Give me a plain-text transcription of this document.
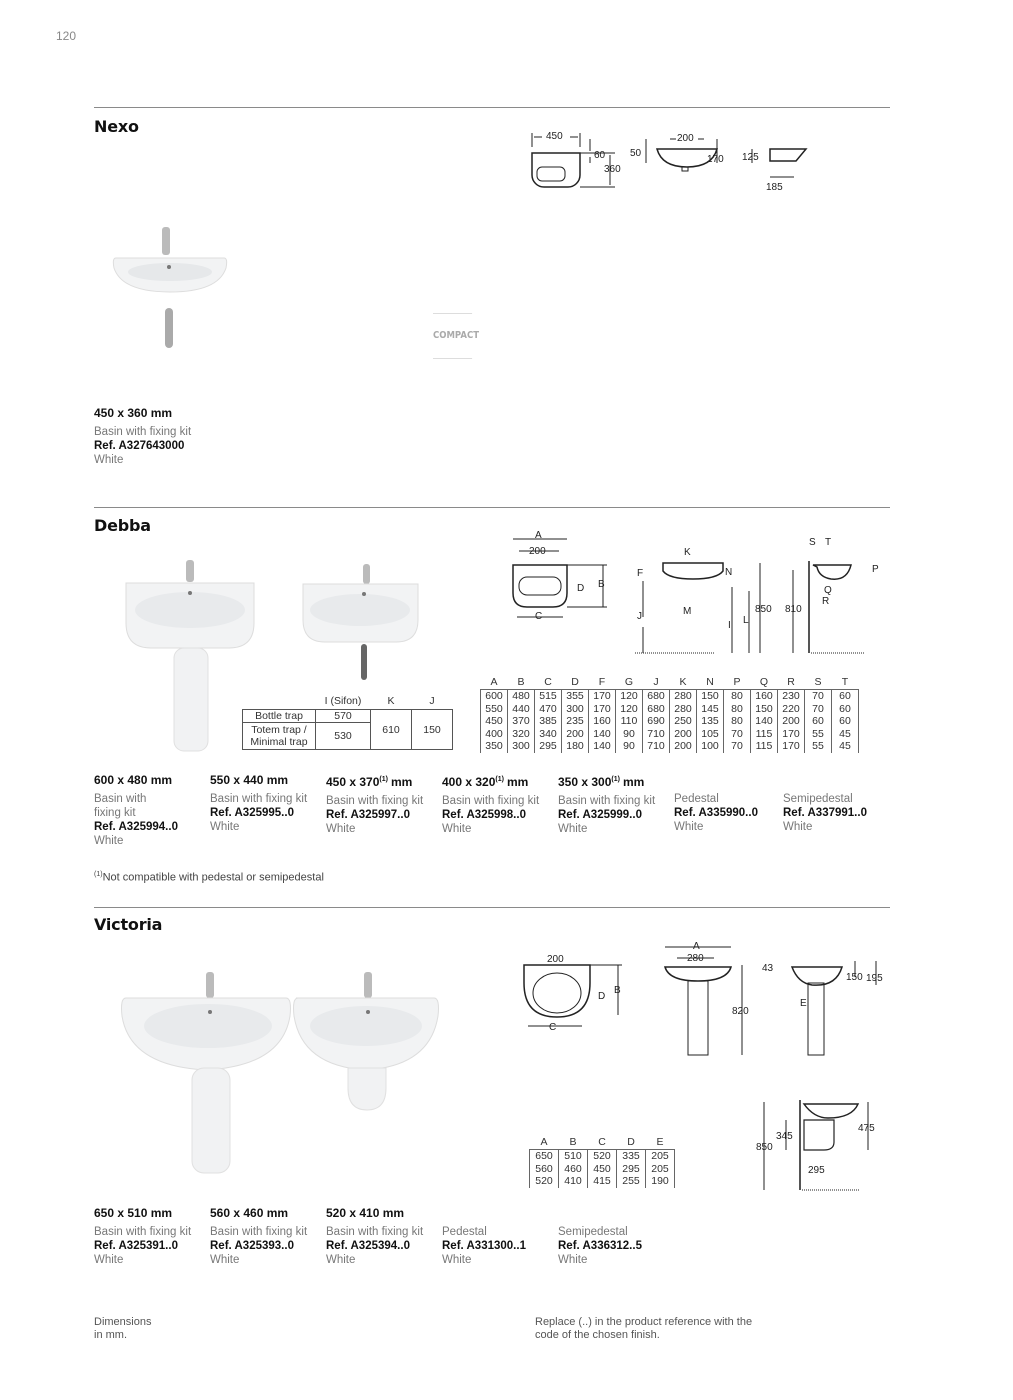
120
Nexo
450
60
360
50
200
170 125
185
COMPACT
450 x 360 mm
Basin with fixing kit
Ref. A327643000
White
Debba
	I (Sifon)	K	J
Bottle trap	570	610	150
Totem trap / Minimal trap	530		
A
200
B
D
C
F
K
N
J	M
I L
850 810
S T
P
Q
R
A	B	C	D	F	G	J	K	N	P	Q	R	S	T
600	480	515	355	170	120	680	280	150	80	160	230	70	60
550	440	470	300	170	120	680	280	145	80	150	220	70	60
450	370	385	235	160	110	690	250	135	80	140	200	60	60
400	320	340	200	140	90	710	200	105	70	115	170	55	45
350	300	295	180	140	90	710	200	100	70	115	170	55	45
600 x 480 mm
Basin with fixing kit
Ref. A325994..0
White
550 x 440 mm
Basin with fixing kit
Ref. A325995..0
White
450 x 370$^{(1)}$ mm
Basin with fixing kit
Ref. A325997..0
White
400 x 320$^{(1)}$ mm
Basin with fixing kit
Ref. A325998..0
White
350 x 300$^{(1)}$ mm
Basin with fixing kit
Ref. A325999..0
White
Pedestal
Ref. A335990..0
White
Semipedestal
Ref. A337991..0
White
$^{(1)}$Not compatible with pedestal or semipedestal
Victoria
200
B
D
C
A
280
820
43
150 195
E
850
345
475
295
A	B	C	D	E
650	510	520	335	205
560	460	450	295	205
520	410	415	255	190
650 x 510 mm
Basin with fixing kit
Ref. A325391..0
White
560 x 460 mm
Basin with fixing kit
Ref. A325393..0
White
520 x 410 mm
Basin with fixing kit
Ref. A325394..0
White
Pedestal
Ref. A331300..1
White
Semipedestal
Ref. A336312..5
White
Dimensions
in mm.
Replace (..) in the product reference with the
code of the chosen finish.
